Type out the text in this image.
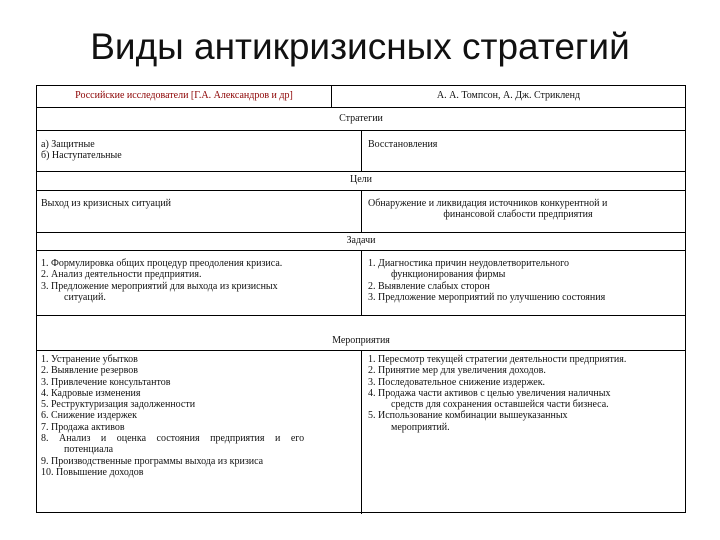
Виды антикризисных стратегий
Российские исследователи [Г.А. Александров и др]	А. А. Томпсон, А. Дж. Стрикленд
Стратегии
а) Защитные
б) Наступательные
Восстановления
Цели
Выход из кризисных ситуаций	Обнаружение и ликвидация источников конкурентной и
финансовой слабости предприятия
Задачи
1. Формулировка общих процедур преодоления кризиса.
2. Анализ деятельности предприятия.
3. Предложение мероприятий для выхода из кризисных
ситуаций.
1. Диагностика причин неудовлетворительного
функционирования фирмы
2. Выявление слабых сторон
3. Предложение мероприятий по улучшению состояния
Мероприятия
1. Устранение убытков
2. Выявление резервов
3. Привлечение консультантов
4. Кадровые изменения
5. Реструктуризация задолженности
6. Снижение издержек
7. Продажа активов
8. Анализ и оценка состояния предприятия и его
потенциала
9. Производственные программы выхода из кризиса
10. Повышение доходов
1. Пересмотр текущей стратегии деятельности предприятия.
2. Принятие мер для увеличения доходов.
3. Последовательное снижение издержек.
4. Продажа части активов с целью увеличения наличных
средств для сохранения оставшейся части бизнеса.
5. Использование комбинации вышеуказанных
мероприятий.
